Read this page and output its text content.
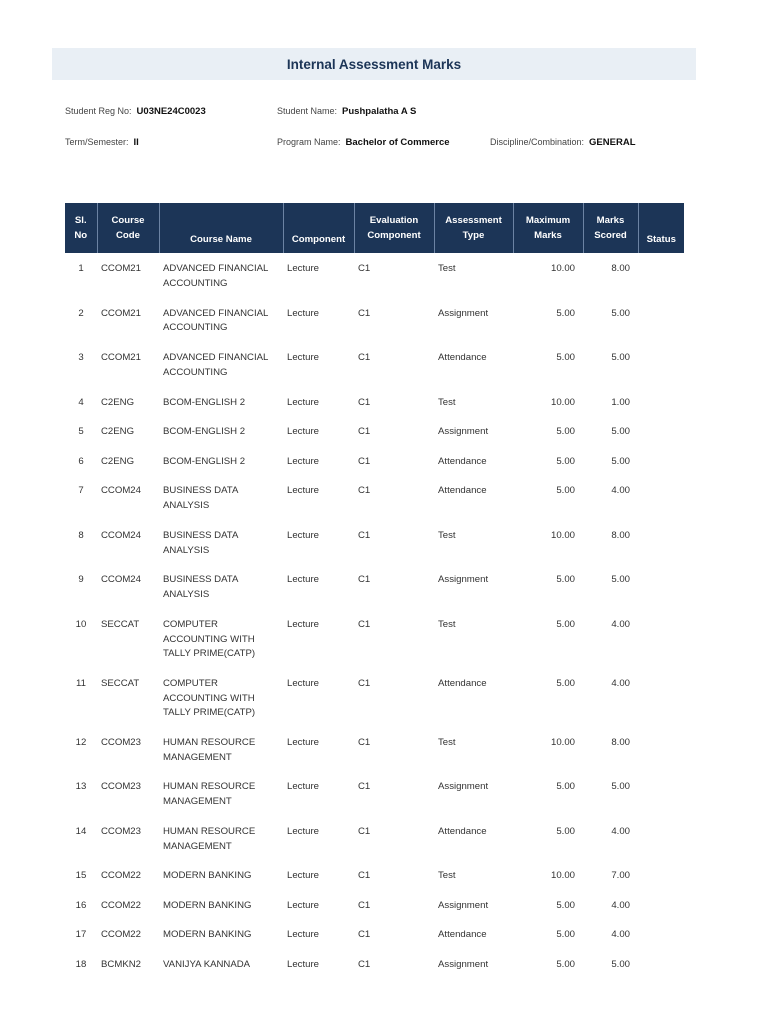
Internal Assessment Marks
Student Reg No: U03NE24C0023	Student Name: Pushpalatha A S
Term/Semester: II	Program Name: Bachelor of Commerce	Discipline/Combination: GENERAL
Sl. No	Course Code	Course Name	Component	Evaluation Component	Assessment Type	Maximum Marks	Marks Scored	Status
1	CCOM21	ADVANCED FINANCIAL ACCOUNTING	Lecture	C1	Test	10.00	8.00	
2	CCOM21	ADVANCED FINANCIAL ACCOUNTING	Lecture	C1	Assignment	5.00	5.00	
3	CCOM21	ADVANCED FINANCIAL ACCOUNTING	Lecture	C1	Attendance	5.00	5.00	
4	C2ENG	BCOM-ENGLISH 2	Lecture	C1	Test	10.00	1.00	
5	C2ENG	BCOM-ENGLISH 2	Lecture	C1	Assignment	5.00	5.00	
6	C2ENG	BCOM-ENGLISH 2	Lecture	C1	Attendance	5.00	5.00	
7	CCOM24	BUSINESS DATA ANALYSIS	Lecture	C1	Attendance	5.00	4.00	
8	CCOM24	BUSINESS DATA ANALYSIS	Lecture	C1	Test	10.00	8.00	
9	CCOM24	BUSINESS DATA ANALYSIS	Lecture	C1	Assignment	5.00	5.00	
10	SECCAT	COMPUTER ACCOUNTING WITH TALLY PRIME(CATP)	Lecture	C1	Test	5.00	4.00	
11	SECCAT	COMPUTER ACCOUNTING WITH TALLY PRIME(CATP)	Lecture	C1	Attendance	5.00	4.00	
12	CCOM23	HUMAN RESOURCE MANAGEMENT	Lecture	C1	Test	10.00	8.00	
13	CCOM23	HUMAN RESOURCE MANAGEMENT	Lecture	C1	Assignment	5.00	5.00	
14	CCOM23	HUMAN RESOURCE MANAGEMENT	Lecture	C1	Attendance	5.00	4.00	
15	CCOM22	MODERN BANKING	Lecture	C1	Test	10.00	7.00	
16	CCOM22	MODERN BANKING	Lecture	C1	Assignment	5.00	4.00	
17	CCOM22	MODERN BANKING	Lecture	C1	Attendance	5.00	4.00	
18	BCMKN2	VANIJYA KANNADA	Lecture	C1	Assignment	5.00	5.00	
